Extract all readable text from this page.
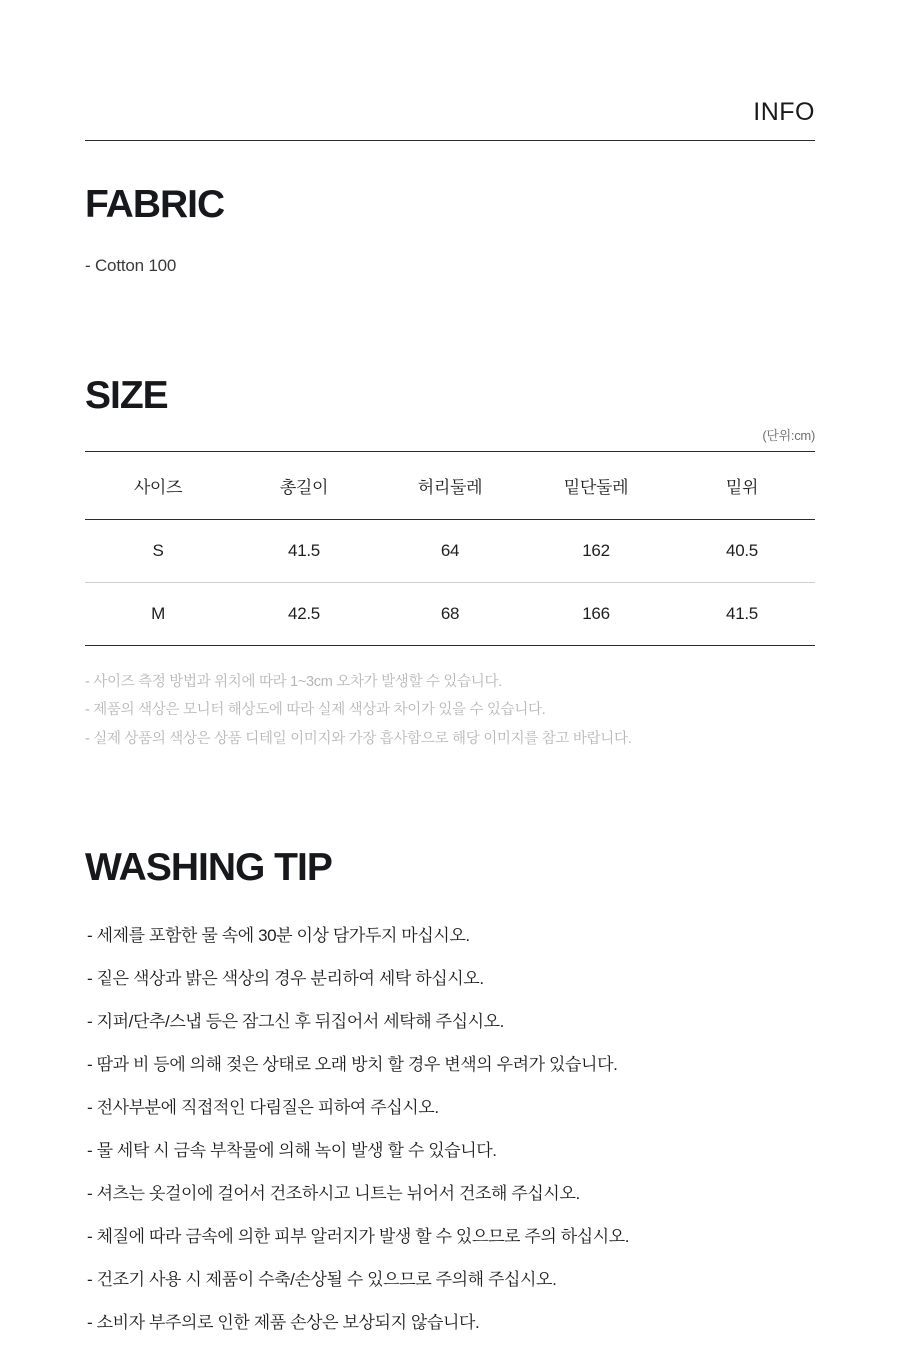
INFO
FABRIC
- Cotton 100
SIZE
(단위:cm)
사이즈	총길이	허리둘레	밑단둘레	밑위
S	41.5	64	162	40.5
M	42.5	68	166	41.5
- 사이즈 측정 방법과 위치에 따라 1~3cm 오차가 발생할 수 있습니다.
- 제품의 색상은 모니터 해상도에 따라 실제 색상과 차이가 있을 수 있습니다.
- 실제 상품의 색상은 상품 디테일 이미지와 가장 흡사함으로 해당 이미지를 참고 바랍니다.
WASHING TIP
- 세제를 포함한 물 속에 30분 이상 담가두지 마십시오.
- 짙은 색상과 밝은 색상의 경우 분리하여 세탁 하십시오.
- 지퍼/단추/스냅 등은 잠그신 후 뒤집어서 세탁해 주십시오.
- 땀과 비 등에 의해 젖은 상태로 오래 방치 할 경우 변색의 우려가 있습니다.
- 전사부분에 직접적인 다림질은 피하여 주십시오.
- 물 세탁 시 금속 부착물에 의해 녹이 발생 할 수 있습니다.
- 셔츠는 옷걸이에 걸어서 건조하시고 니트는 뉘어서 건조해 주십시오.
- 체질에 따라 금속에 의한 피부 알러지가 발생 할 수 있으므로 주의 하십시오.
- 건조기 사용 시 제품이 수축/손상될 수 있으므로 주의해 주십시오.
- 소비자 부주의로 인한 제품 손상은 보상되지 않습니다.
